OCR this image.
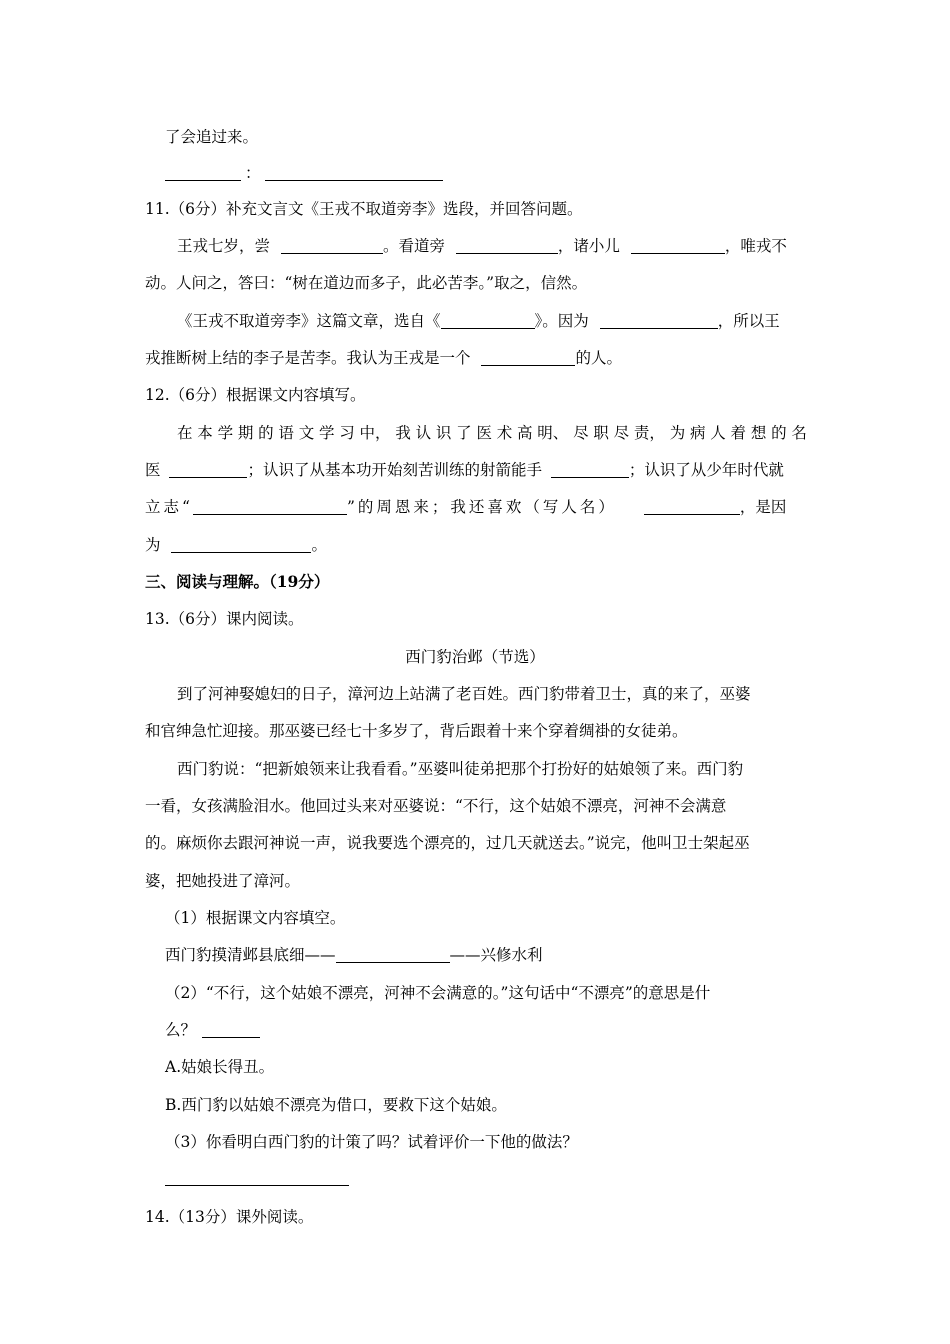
了会追过来。
：
11.（6分）补充文言文《王戎不取道旁李》选段，并回答问题。
王戎七岁，尝	。看道旁	，诸小儿	，唯戎不
动。人问之，答曰：“树在道边而多子，此必苦李。”取之，信然。
《王戎不取道旁李》这篇文章，选自《	》。因为	，所以王
戎推断树上结的李子是苦李。我认为王戎是一个	的人。
12.（6分）根据课文内容填写。
在 本 学 期 的 语 文 学 习 中， 我 认 识 了 医 术 高 明、 尽 职 尽 责， 为 病 人 着 想 的 名
医	；认识了从基本功开始刻苦训练的射箭能手	；认识了从少年时代就
立志“	”的周恩来；我还喜欢（写人名）	，是因
为	。
三、阅读与理解。（19分）
13.（6分）课内阅读。
西门豹治邺（节选）
到了河神娶媳妇的日子，漳河边上站满了老百姓。西门豹带着卫士，真的来了，巫婆
和官绅急忙迎接。那巫婆已经七十多岁了，背后跟着十来个穿着绸褂的女徒弟。
西门豹说：“把新娘领来让我看看。”巫婆叫徒弟把那个打扮好的姑娘领了来。西门豹
一看，女孩满脸泪水。他回过头来对巫婆说：“不行，这个姑娘不漂亮，河神不会满意
的。麻烦你去跟河神说一声，说我要选个漂亮的，过几天就送去。”说完，他叫卫士架起巫
婆，把她投进了漳河。
（1）根据课文内容填空。
西门豹摸清邺县底细——	——兴修水利
（2）“不行，这个姑娘不漂亮，河神不会满意的。”这句话中“不漂亮”的意思是什
么？
A.姑娘长得丑。
B.西门豹以姑娘不漂亮为借口，要救下这个姑娘。
（3）你看明白西门豹的计策了吗？试着评价一下他的做法？
14.（13分）课外阅读。
